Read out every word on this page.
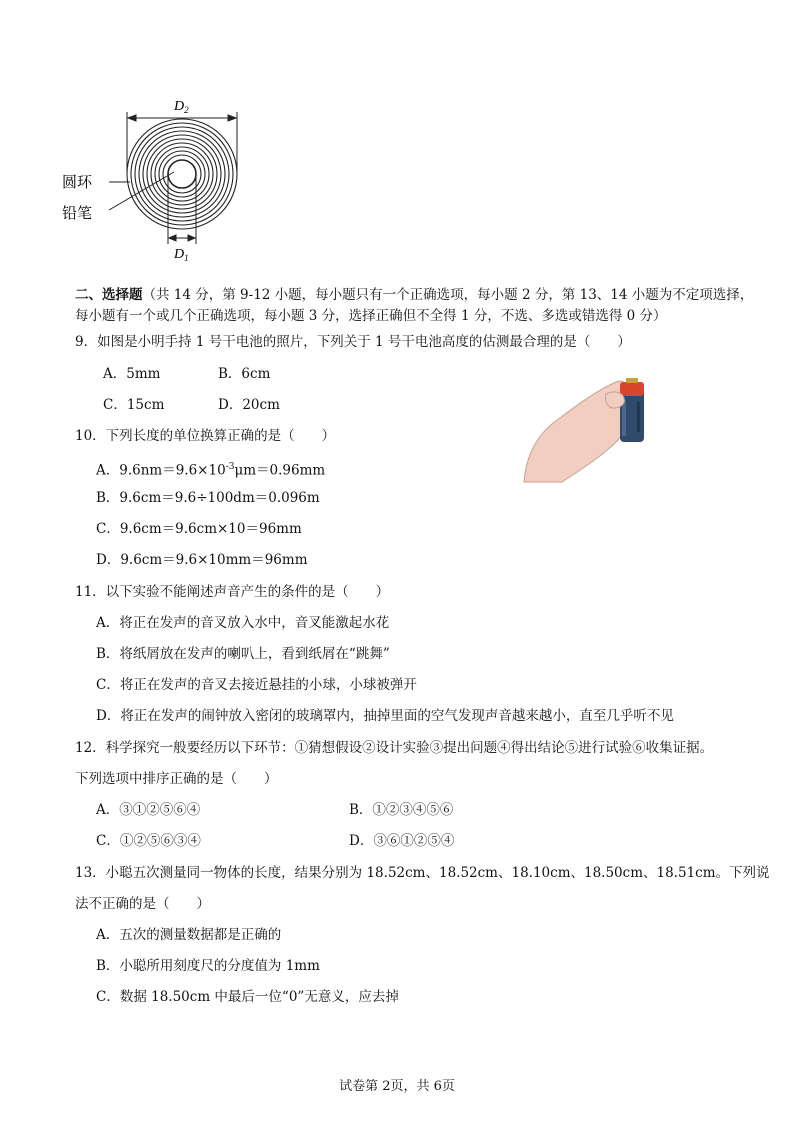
$D_2$
$D_1$
圆环
铅笔
二、选择题（共 14 分，第 9-12 小题，每小题只有一个正确选项，每小题 2 分，第 13、14 小题为不定项选择，
每小题有一个或几个正确选项，每小题 3 分，选择正确但不全得 1 分，不选、多选或错选得 0 分）
9．如图是小明手持 1 号干电池的照片，下列关于 1 号干电池高度的估测最合理的是（　　）
A．5mm	B．6cm
C．15cm	D．20cm
10．下列长度的单位换算正确的是（　　）
A．$9.6nm=9.6\times 10^{-3}\mu m=0.96mm$
B．9.6cm＝9.6÷100dm＝0.096m
C．9.6cm＝9.6cm×10＝96mm
D．9.6cm＝9.6×10mm＝96mm
11．以下实验不能阐述声音产生的条件的是（　　）
A．将正在发声的音叉放入水中，音叉能激起水花
B．将纸屑放在发声的喇叭上，看到纸屑在“跳舞”
C．将正在发声的音叉去接近悬挂的小球，小球被弹开
D．将正在发声的闹钟放入密闭的玻璃罩内，抽掉里面的空气发现声音越来越小，直至几乎听不见
12．科学探究一般要经历以下环节：①猜想假设②设计实验③提出问题④得出结论⑤进行试验⑥收集证据。
下列选项中排序正确的是（　　）
A．③①②⑤⑥④	B．①②③④⑤⑥
C．①②⑤⑥③④	D．③⑥①②⑤④
13．小聪五次测量同一物体的长度，结果分别为 18.52cm、18.52cm、18.10cm、18.50cm、18.51cm。下列说
法不正确的是（　　）
A．五次的测量数据都是正确的
B．小聪所用刻度尺的分度值为 1mm
C．数据 18.50cm 中最后一位“0”无意义，应去掉
试卷第 2页，共 6页
